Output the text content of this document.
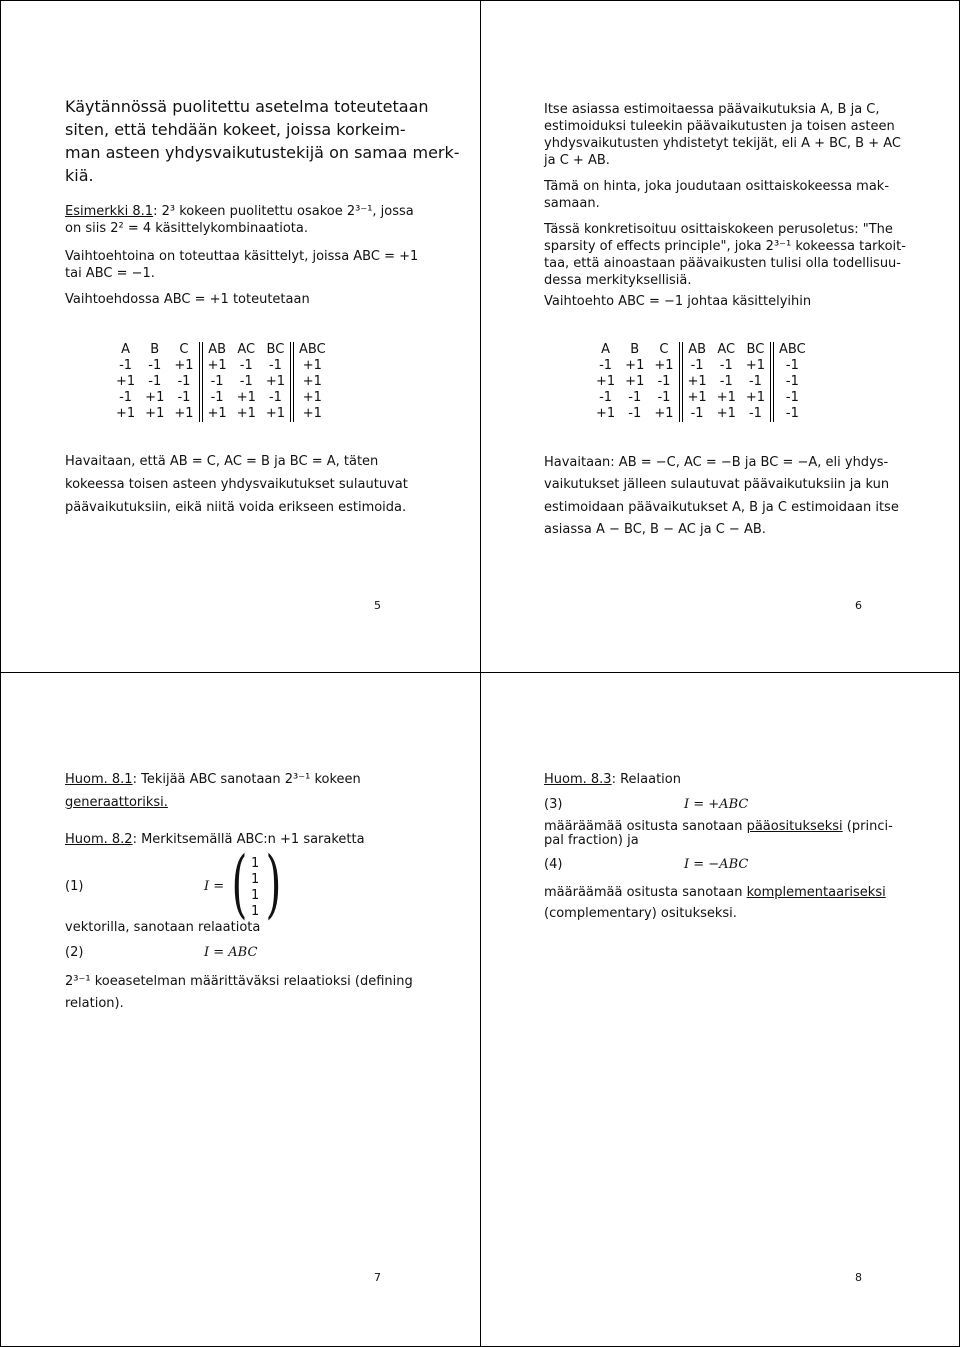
Käytännössä puolitettu asetelma toteutetaan
siten, että tehdään kokeet, joissa korkeim-
man asteen yhdysvaikutustekijä on samaa merk-
kiä.
Esimerkki 8.1: 2³ kokeen puolitettu osakoe 2³⁻¹, jossa
on siis 2² = 4 käsittelykombinaatiota.
Vaihtoehtoina on toteuttaa käsittelyt, joissa ABC = +1
tai ABC = −1.
Vaihtoehdossa ABC = +1 toteutetaan
A	B	C	AB	AC	BC	ABC
-1	-1	+1	+1	-1	-1	+1
+1	-1	-1	-1	-1	+1	+1
-1	+1	-1	-1	+1	-1	+1
+1	+1	+1	+1	+1	+1	+1
Havaitaan, että AB = C, AC = B ja BC = A, täten
kokeessa toisen asteen yhdysvaikutukset sulautuvat
päävaikutuksiin, eikä niitä voida erikseen estimoida.
5
Itse asiassa estimoitaessa päävaikutuksia A, B ja C,
estimoiduksi tuleekin päävaikutusten ja toisen asteen
yhdysvaikutusten yhdistetyt tekijät, eli A + BC, B + AC
ja C + AB.
Tämä on hinta, joka joudutaan osittaiskokeessa mak-
samaan.
Tässä konkretisoituu osittaiskokeen perusoletus: "The
sparsity of effects principle", joka 2³⁻¹ kokeessa tarkoit-
taa, että ainoastaan päävaikusten tulisi olla todellisuu-
dessa merkityksellisiä.
Vaihtoehto ABC = −1 johtaa käsittelyihin
A	B	C	AB	AC	BC	ABC
-1	+1	+1	-1	-1	+1	-1
+1	+1	-1	+1	-1	-1	-1
-1	-1	-1	+1	+1	+1	-1
+1	-1	+1	-1	+1	-1	-1
Havaitaan: AB = −C, AC = −B ja BC = −A, eli yhdys-
vaikutukset jälleen sulautuvat päävaikutuksiin ja kun
estimoidaan päävaikutukset A, B ja C estimoidaan itse
asiassa A − BC, B − AC ja C − AB.
6
Huom. 8.1: Tekijää ABC sanotaan 2³⁻¹ kokeen
generaattoriksi.
Huom. 8.2: Merkitsemällä ABC:n +1 saraketta
(1)	I = ( 1
1
1
1 )
vektorilla, sanotaan relaatiota
(2)	I = ABC
2³⁻¹ koeasetelman määrittäväksi relaatioksi (defining
relation).
7
Huom. 8.3: Relaation
(3)	I = +ABC
määräämää ositusta sanotaan pääositukseksi (princi-
pal fraction) ja
(4)	I = −ABC
määräämää ositusta sanotaan komplementaariseksi
(complementary) ositukseksi.
8
